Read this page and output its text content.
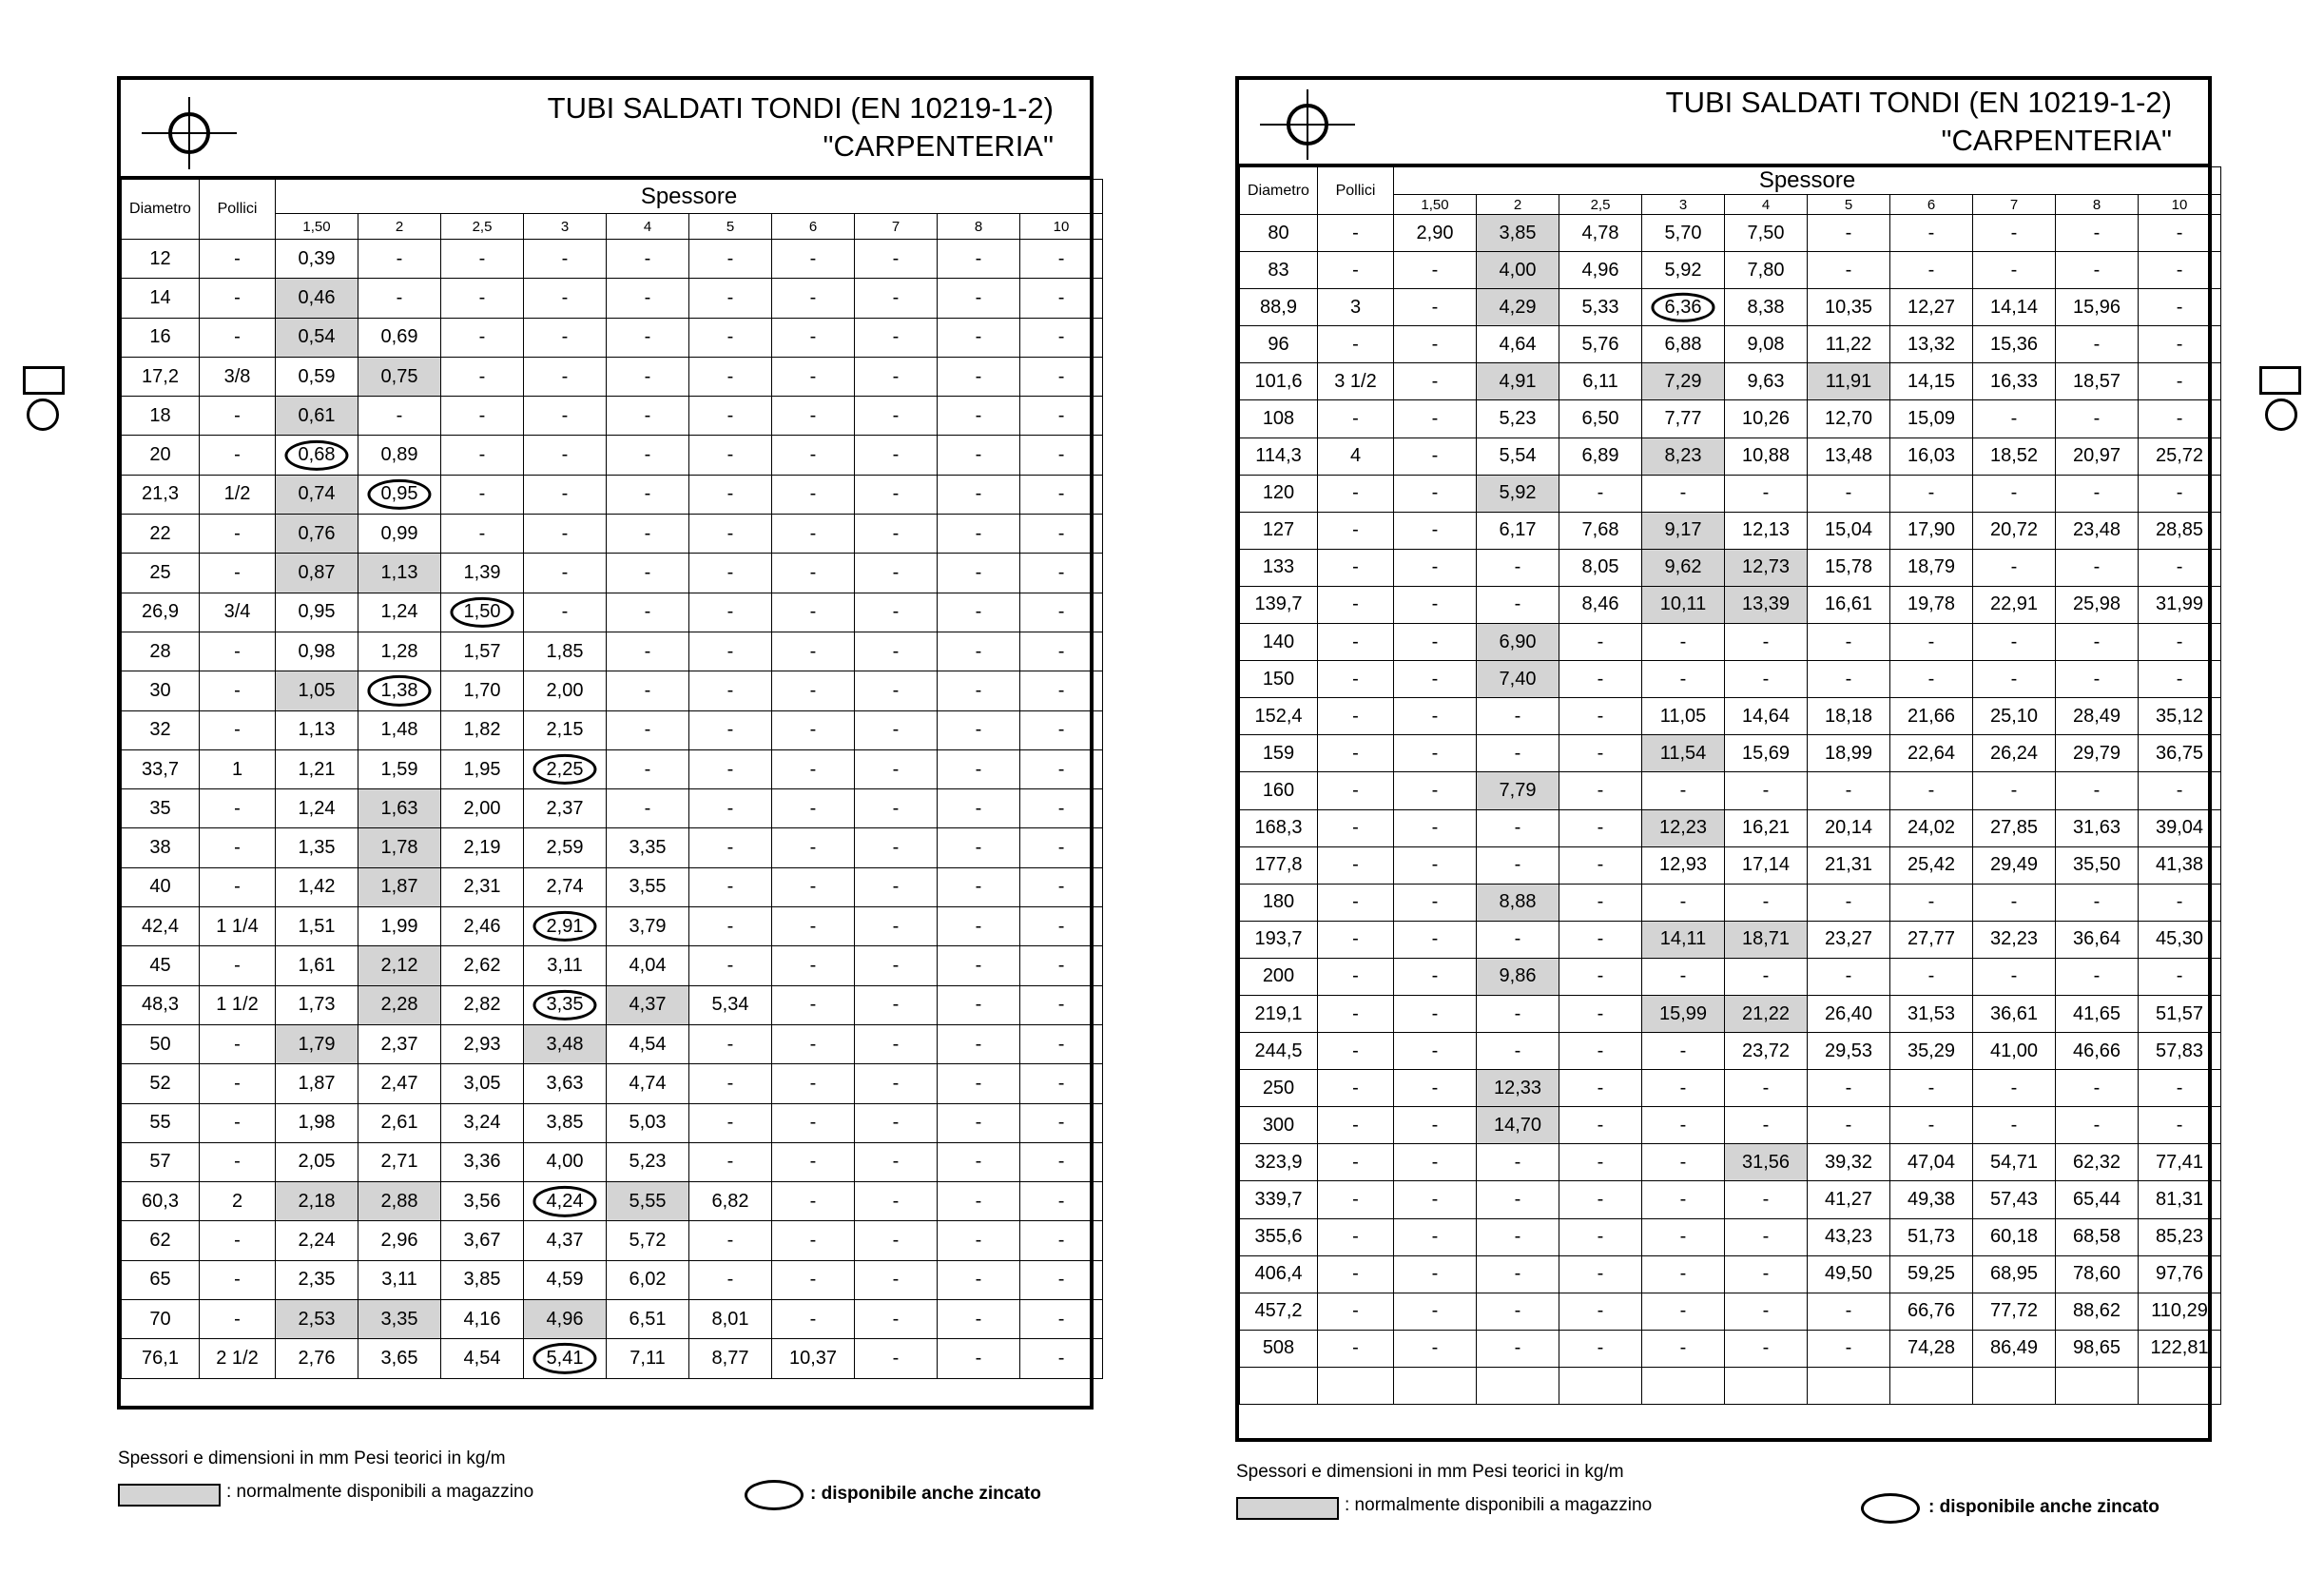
TUBI SALDATI TONDI (EN 10219-1-2)
"CARPENTERIA"
Diametro	Pollici	Spessore									
		1,50	2	2,5	3	4	5	6	7	8	10
12	-	0,39	-	-	-	-	-	-	-	-	-
14	-	0,46	-	-	-	-	-	-	-	-	-
16	-	0,54	0,69	-	-	-	-	-	-	-	-
17,2	3/8	0,59	0,75	-	-	-	-	-	-	-	-
18	-	0,61	-	-	-	-	-	-	-	-	-
20	-	0,68	0,89	-	-	-	-	-	-	-	-
21,3	1/2	0,74	0,95	-	-	-	-	-	-	-	-
22	-	0,76	0,99	-	-	-	-	-	-	-	-
25	-	0,87	1,13	1,39	-	-	-	-	-	-	-
26,9	3/4	0,95	1,24	1,50	-	-	-	-	-	-	-
28	-	0,98	1,28	1,57	1,85	-	-	-	-	-	-
30	-	1,05	1,38	1,70	2,00	-	-	-	-	-	-
32	-	1,13	1,48	1,82	2,15	-	-	-	-	-	-
33,7	1	1,21	1,59	1,95	2,25	-	-	-	-	-	-
35	-	1,24	1,63	2,00	2,37	-	-	-	-	-	-
38	-	1,35	1,78	2,19	2,59	3,35	-	-	-	-	-
40	-	1,42	1,87	2,31	2,74	3,55	-	-	-	-	-
42,4	1 1/4	1,51	1,99	2,46	2,91	3,79	-	-	-	-	-
45	-	1,61	2,12	2,62	3,11	4,04	-	-	-	-	-
48,3	1 1/2	1,73	2,28	2,82	3,35	4,37	5,34	-	-	-	-
50	-	1,79	2,37	2,93	3,48	4,54	-	-	-	-	-
52	-	1,87	2,47	3,05	3,63	4,74	-	-	-	-	-
55	-	1,98	2,61	3,24	3,85	5,03	-	-	-	-	-
57	-	2,05	2,71	3,36	4,00	5,23	-	-	-	-	-
60,3	2	2,18	2,88	3,56	4,24	5,55	6,82	-	-	-	-
62	-	2,24	2,96	3,67	4,37	5,72	-	-	-	-	-
65	-	2,35	3,11	3,85	4,59	6,02	-	-	-	-	-
70	-	2,53	3,35	4,16	4,96	6,51	8,01	-	-	-	-
76,1	2 1/2	2,76	3,65	4,54	5,41	7,11	8,77	10,37	-	-	-
Spessori e dimensioni in mm Pesi teorici in kg/m
: normalmente disponibili a magazzino	: disponibile anche zincato
TUBI SALDATI TONDI (EN 10219-1-2)
"CARPENTERIA"
Diametro	Pollici	Spessore									
		1,50	2	2,5	3	4	5	6	7	8	10
80	-	2,90	3,85	4,78	5,70	7,50	-	-	-	-	-
83	-	-	4,00	4,96	5,92	7,80	-	-	-	-	-
88,9	3	-	4,29	5,33	6,36	8,38	10,35	12,27	14,14	15,96	-
96	-	-	4,64	5,76	6,88	9,08	11,22	13,32	15,36	-	-
101,6	3 1/2	-	4,91	6,11	7,29	9,63	11,91	14,15	16,33	18,57	-
108	-	-	5,23	6,50	7,77	10,26	12,70	15,09	-	-	-
114,3	4	-	5,54	6,89	8,23	10,88	13,48	16,03	18,52	20,97	25,72
120	-	-	5,92	-	-	-	-	-	-	-	-
127	-	-	6,17	7,68	9,17	12,13	15,04	17,90	20,72	23,48	28,85
133	-	-	-	8,05	9,62	12,73	15,78	18,79	-	-	-
139,7	-	-	-	8,46	10,11	13,39	16,61	19,78	22,91	25,98	31,99
140	-	-	6,90	-	-	-	-	-	-	-	-
150	-	-	7,40	-	-	-	-	-	-	-	-
152,4	-	-	-	-	11,05	14,64	18,18	21,66	25,10	28,49	35,12
159	-	-	-	-	11,54	15,69	18,99	22,64	26,24	29,79	36,75
160	-	-	7,79	-	-	-	-	-	-	-	-
168,3	-	-	-	-	12,23	16,21	20,14	24,02	27,85	31,63	39,04
177,8	-	-	-	-	12,93	17,14	21,31	25,42	29,49	35,50	41,38
180	-	-	8,88	-	-	-	-	-	-	-	-
193,7	-	-	-	-	14,11	18,71	23,27	27,77	32,23	36,64	45,30
200	-	-	9,86	-	-	-	-	-	-	-	-
219,1	-	-	-	-	15,99	21,22	26,40	31,53	36,61	41,65	51,57
244,5	-	-	-	-	-	23,72	29,53	35,29	41,00	46,66	57,83
250	-	-	12,33	-	-	-	-	-	-	-	-
300	-	-	14,70	-	-	-	-	-	-	-	-
323,9	-	-	-	-	-	31,56	39,32	47,04	54,71	62,32	77,41
339,7	-	-	-	-	-	-	41,27	49,38	57,43	65,44	81,31
355,6	-	-	-	-	-	-	43,23	51,73	60,18	68,58	85,23
406,4	-	-	-	-	-	-	49,50	59,25	68,95	78,60	97,76
457,2	-	-	-	-	-	-	-	66,76	77,72	88,62	110,29
508	-	-	-	-	-	-	-	74,28	86,49	98,65	122,81

Spessori e dimensioni in mm Pesi teorici in kg/m
: normalmente disponibili a magazzino	: disponibile anche zincato
